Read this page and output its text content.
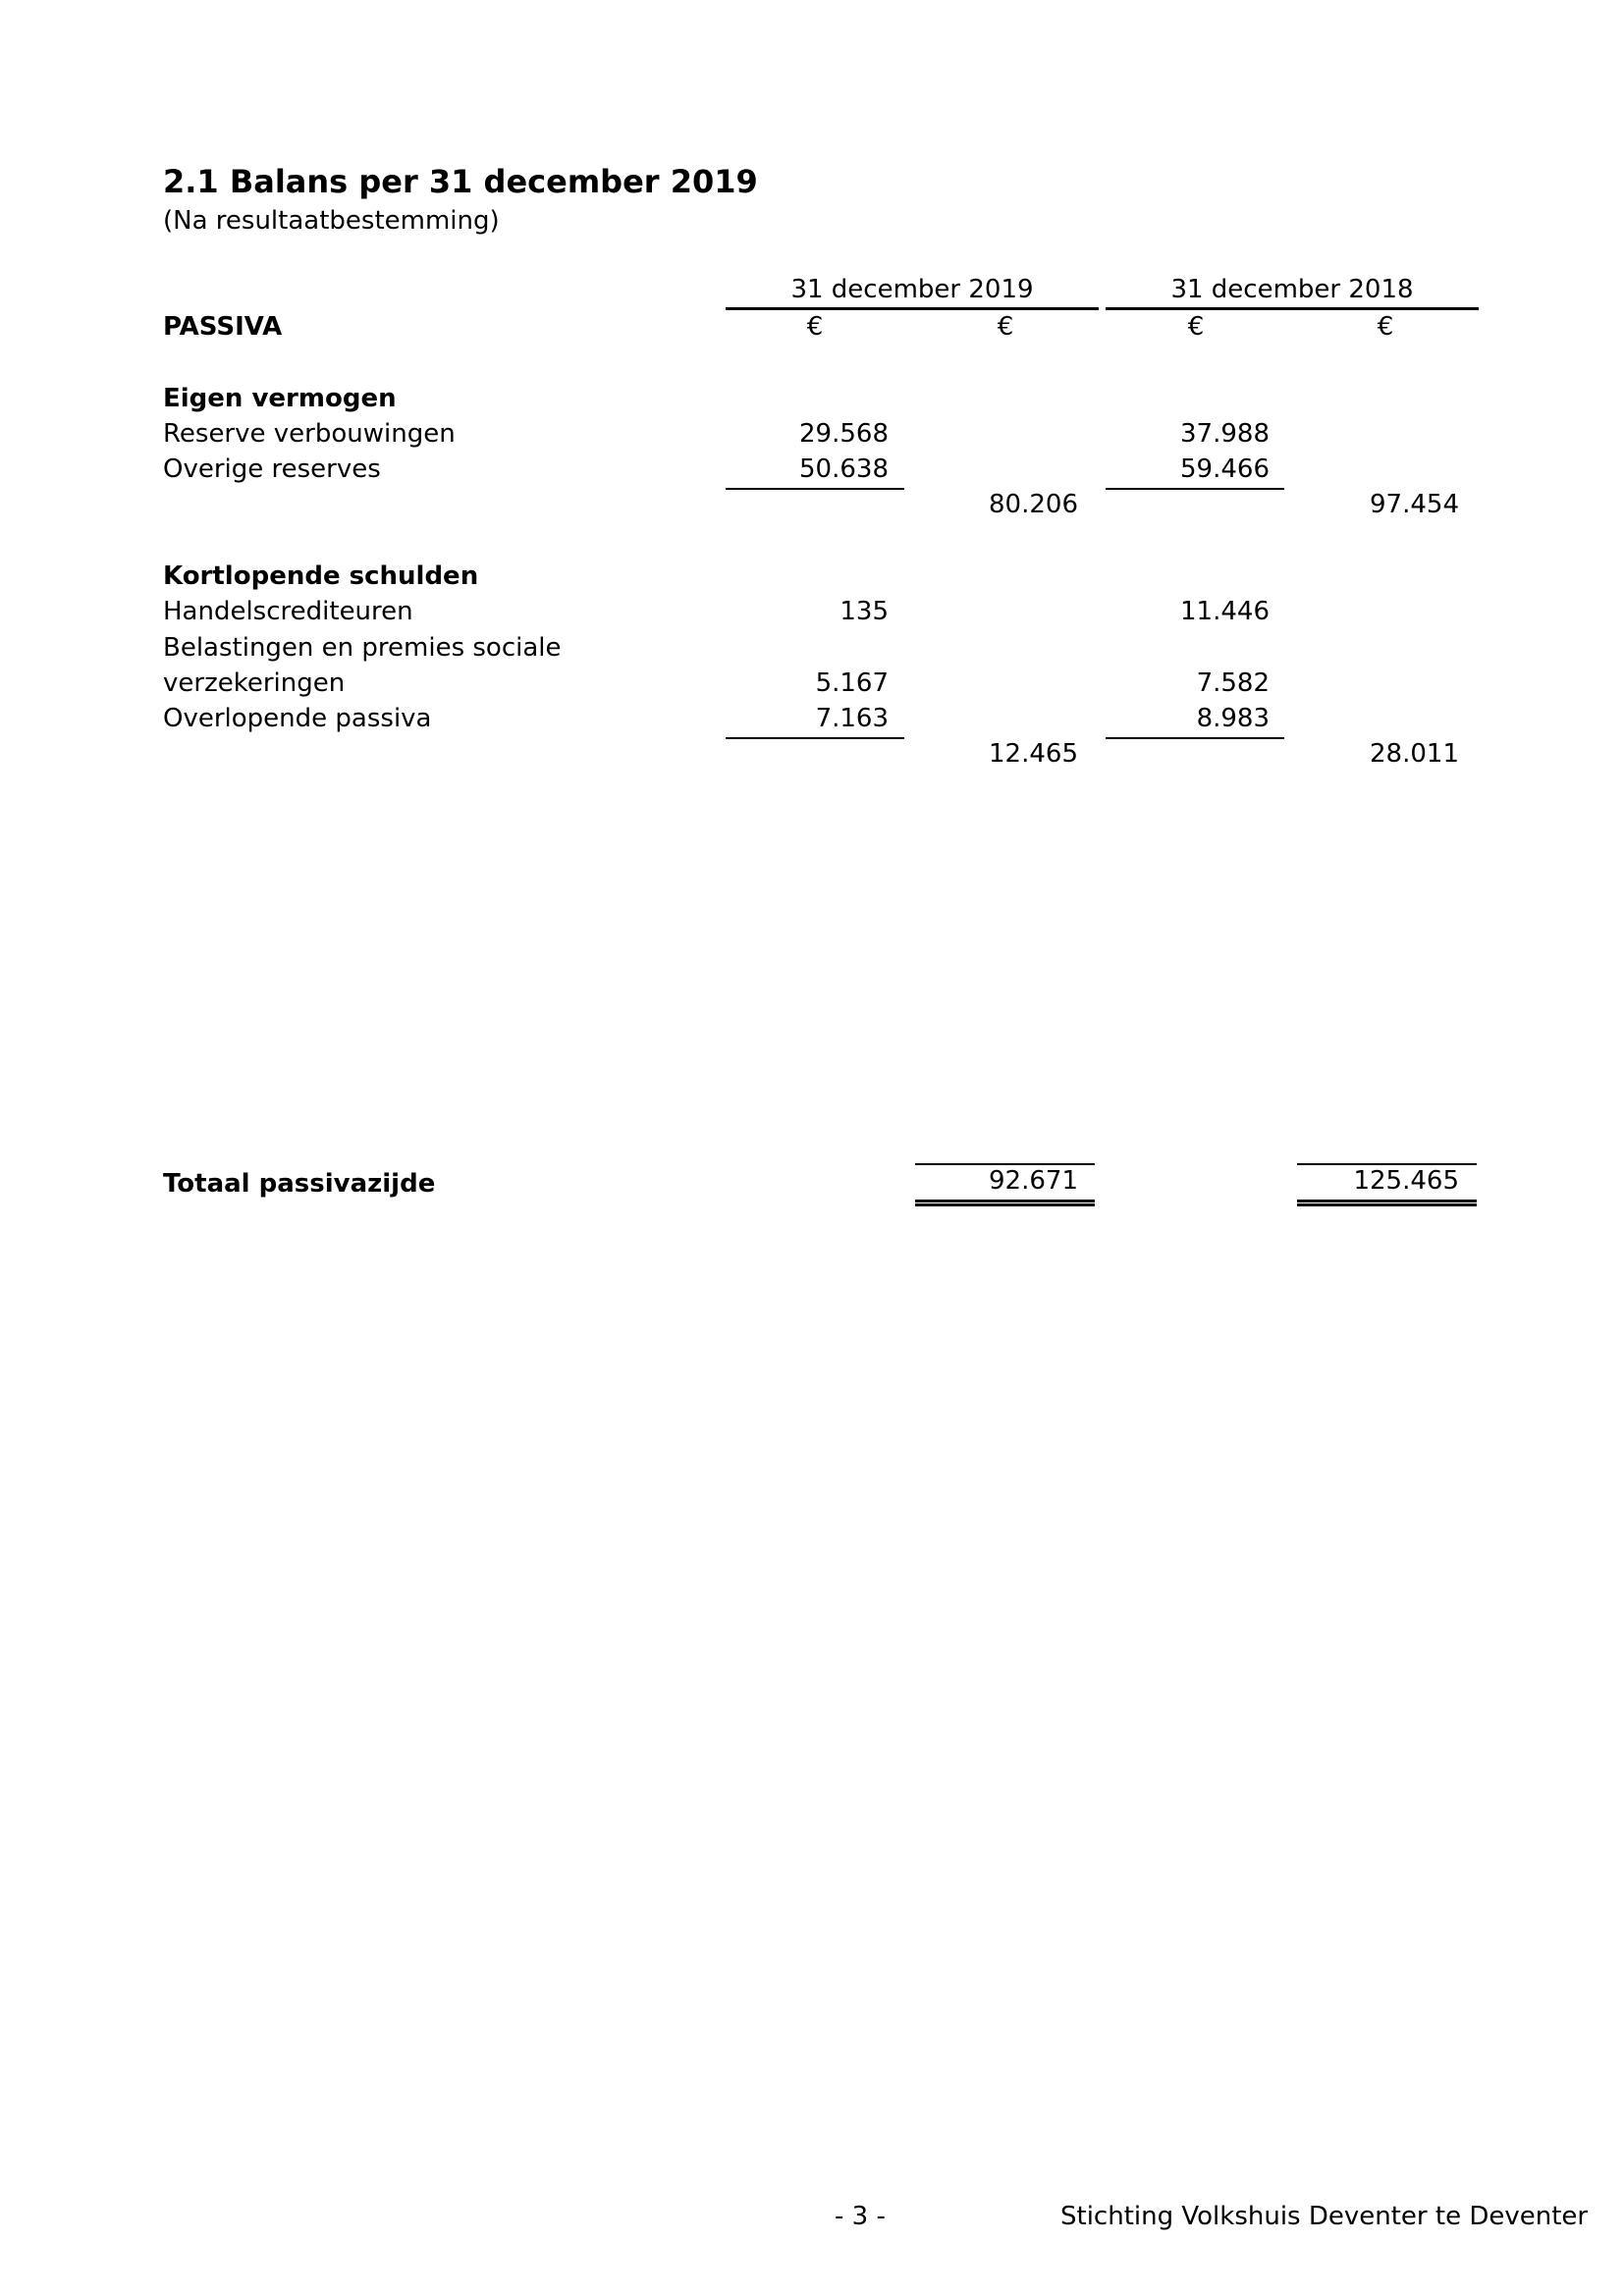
2.1 Balans per 31 december 2019
(Na resultaatbestemming)
31 december 2019	31 december 2018
PASSIVA	€	€	€	€
Eigen vermogen
Reserve verbouwingen	29.568	37.988
Overige reserves	50.638	59.466
80.206	97.454
Kortlopende schulden
Handelscrediteuren	135	11.446
Belastingen en premies sociale
verzekeringen	5.167	7.582
Overlopende passiva	7.163	8.983
12.465	28.011
Totaal passivazijde	92.671	125.465
- 3 -	Stichting Volkshuis Deventer te Deventer
